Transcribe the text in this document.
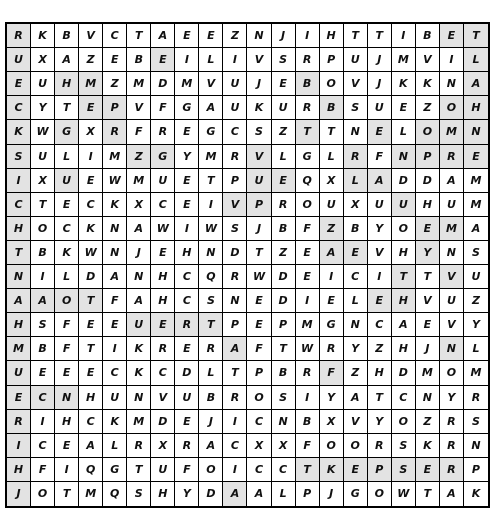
R	K	B	V	C	T	A	E	E	Z	N	J	I	H	T	T	I	B	E	T
U	X	A	Z	E	B	E	I	L	I	V	S	R	P	U	J	M	V	I	L
E	U	H	M	Z	M	D	M	V	U	J	E	B	O	V	J	K	K	N	A
C	Y	T	E	P	V	F	G	A	U	K	U	R	B	S	U	E	Z	O	H
K	W	G	X	R	F	R	E	G	C	S	Z	T	T	N	E	L	O	M	N
S	U	L	I	M	Z	G	Y	M	R	V	L	G	L	R	F	N	P	R	E
I	X	U	E	W	M	U	E	T	P	U	E	Q	X	L	A	D	D	A	M
C	T	E	C	K	X	C	E	I	V	P	R	O	U	X	U	U	H	U	M
H	O	C	K	N	A	W	I	W	S	J	B	F	Z	B	Y	O	E	M	A
T	B	K	W	N	J	E	H	N	D	T	Z	E	A	E	V	H	Y	N	S
N	I	L	D	A	N	H	C	Q	R	W	D	E	I	C	I	T	T	V	U
A	A	O	T	F	A	H	C	S	N	E	D	I	E	L	E	H	V	U	Z
H	S	F	E	E	U	E	R	T	P	E	P	M	G	N	C	A	E	V	Y
M	B	F	T	I	K	R	E	R	A	F	T	W	R	Y	Z	H	J	N	L
U	E	E	E	C	K	C	D	L	T	P	B	R	F	Z	H	D	M	O	M
E	C	N	H	U	N	V	U	B	R	O	S	I	Y	A	T	C	N	Y	R
R	I	H	C	K	M	D	E	J	I	C	N	B	X	V	Y	O	Z	R	S
I	C	E	A	L	R	X	R	A	C	X	X	F	O	O	R	S	K	R	N
H	F	I	Q	G	T	U	F	O	I	C	C	T	K	E	P	S	E	R	P
J	O	T	M	Q	S	H	Y	D	A	A	L	P	J	G	O	W	T	A	K
